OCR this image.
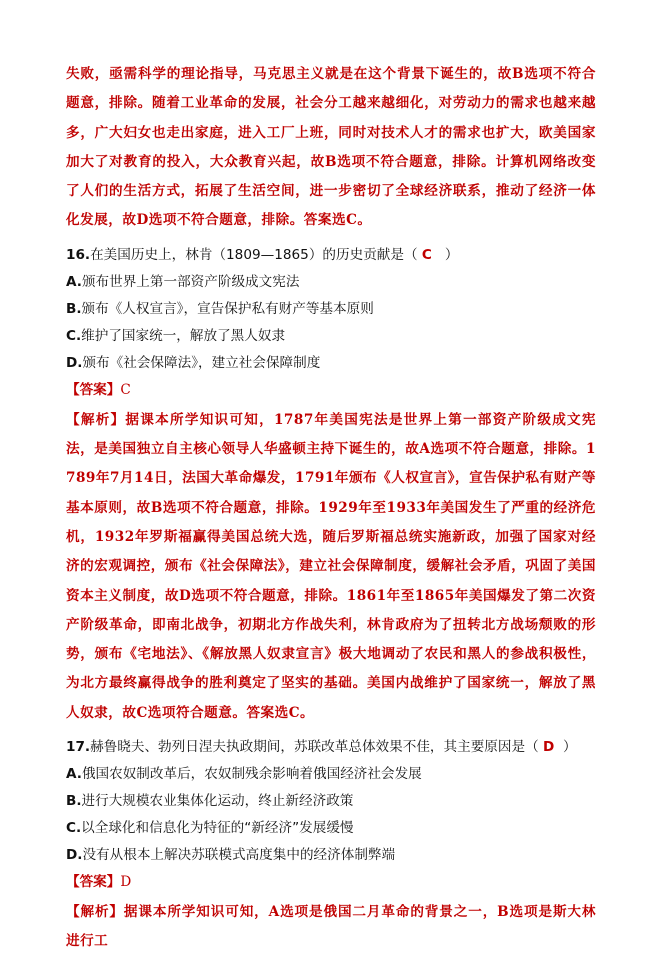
失败，亟需科学的理论指导，马克思主义就是在这个背景下诞生的，故B选项不符合题意，排除。随着工业革命的发展，社会分工越来越细化，对劳动力的需求也越来越多，广大妇女也走出家庭，进入工厂上班，同时对技术人才的需求也扩大，欧美国家加大了对教育的投入，大众教育兴起，故B选项不符合题意，排除。计算机网络改变了人们的生活方式，拓展了生活空间，进一步密切了全球经济联系，推动了经济一体化发展，故D选项不符合题意，排除。答案选C。

16.在美国历史上，林肯（1809—1865）的历史贡献是（ C ）

A.颁布世界上第一部资产阶级成文宪法

B.颁布《人权宣言》，宣告保护私有财产等基本原则

C.维护了国家统一，解放了黑人奴隶

D.颁布《社会保障法》，建立社会保障制度

【答案】C

【解析】据课本所学知识可知，1787年美国宪法是世界上第一部资产阶级成文宪法，是美国独立自主核心领导人华盛顿主持下诞生的，故A选项不符合题意，排除。1789年7月14日，法国大革命爆发，1791年颁布《人权宣言》，宣告保护私有财产等基本原则，故B选项不符合题意，排除。1929年至1933年美国发生了严重的经济危机，1932年罗斯福赢得美国总统大选，随后罗斯福总统实施新政，加强了国家对经济的宏观调控，颁布《社会保障法》，建立社会保障制度，缓解社会矛盾，巩固了美国资本主义制度，故D选项不符合题意，排除。1861年至1865年美国爆发了第二次资产阶级革命，即南北战争，初期北方作战失利，林肯政府为了扭转北方战场颓败的形势，颁布《宅地法》、《解放黑人奴隶宣言》极大地调动了农民和黑人的参战积极性，为北方最终赢得战争的胜利奠定了坚实的基础。美国内战维护了国家统一，解放了黑人奴隶，故C选项符合题意。答案选C。

17.赫鲁晓夫、勃列日涅夫执政期间，苏联改革总体效果不佳，其主要原因是（ D ）

A.俄国农奴制改革后，农奴制残余影响着俄国经济社会发展

B.进行大规模农业集体化运动，终止新经济政策

C.以全球化和信息化为特征的“新经济”发展缓慢

D.没有从根本上解决苏联模式高度集中的经济体制弊端

【答案】D

【解析】据课本所学知识可知，A选项是俄国二月革命的背景之一，B选项是斯大林进行工
